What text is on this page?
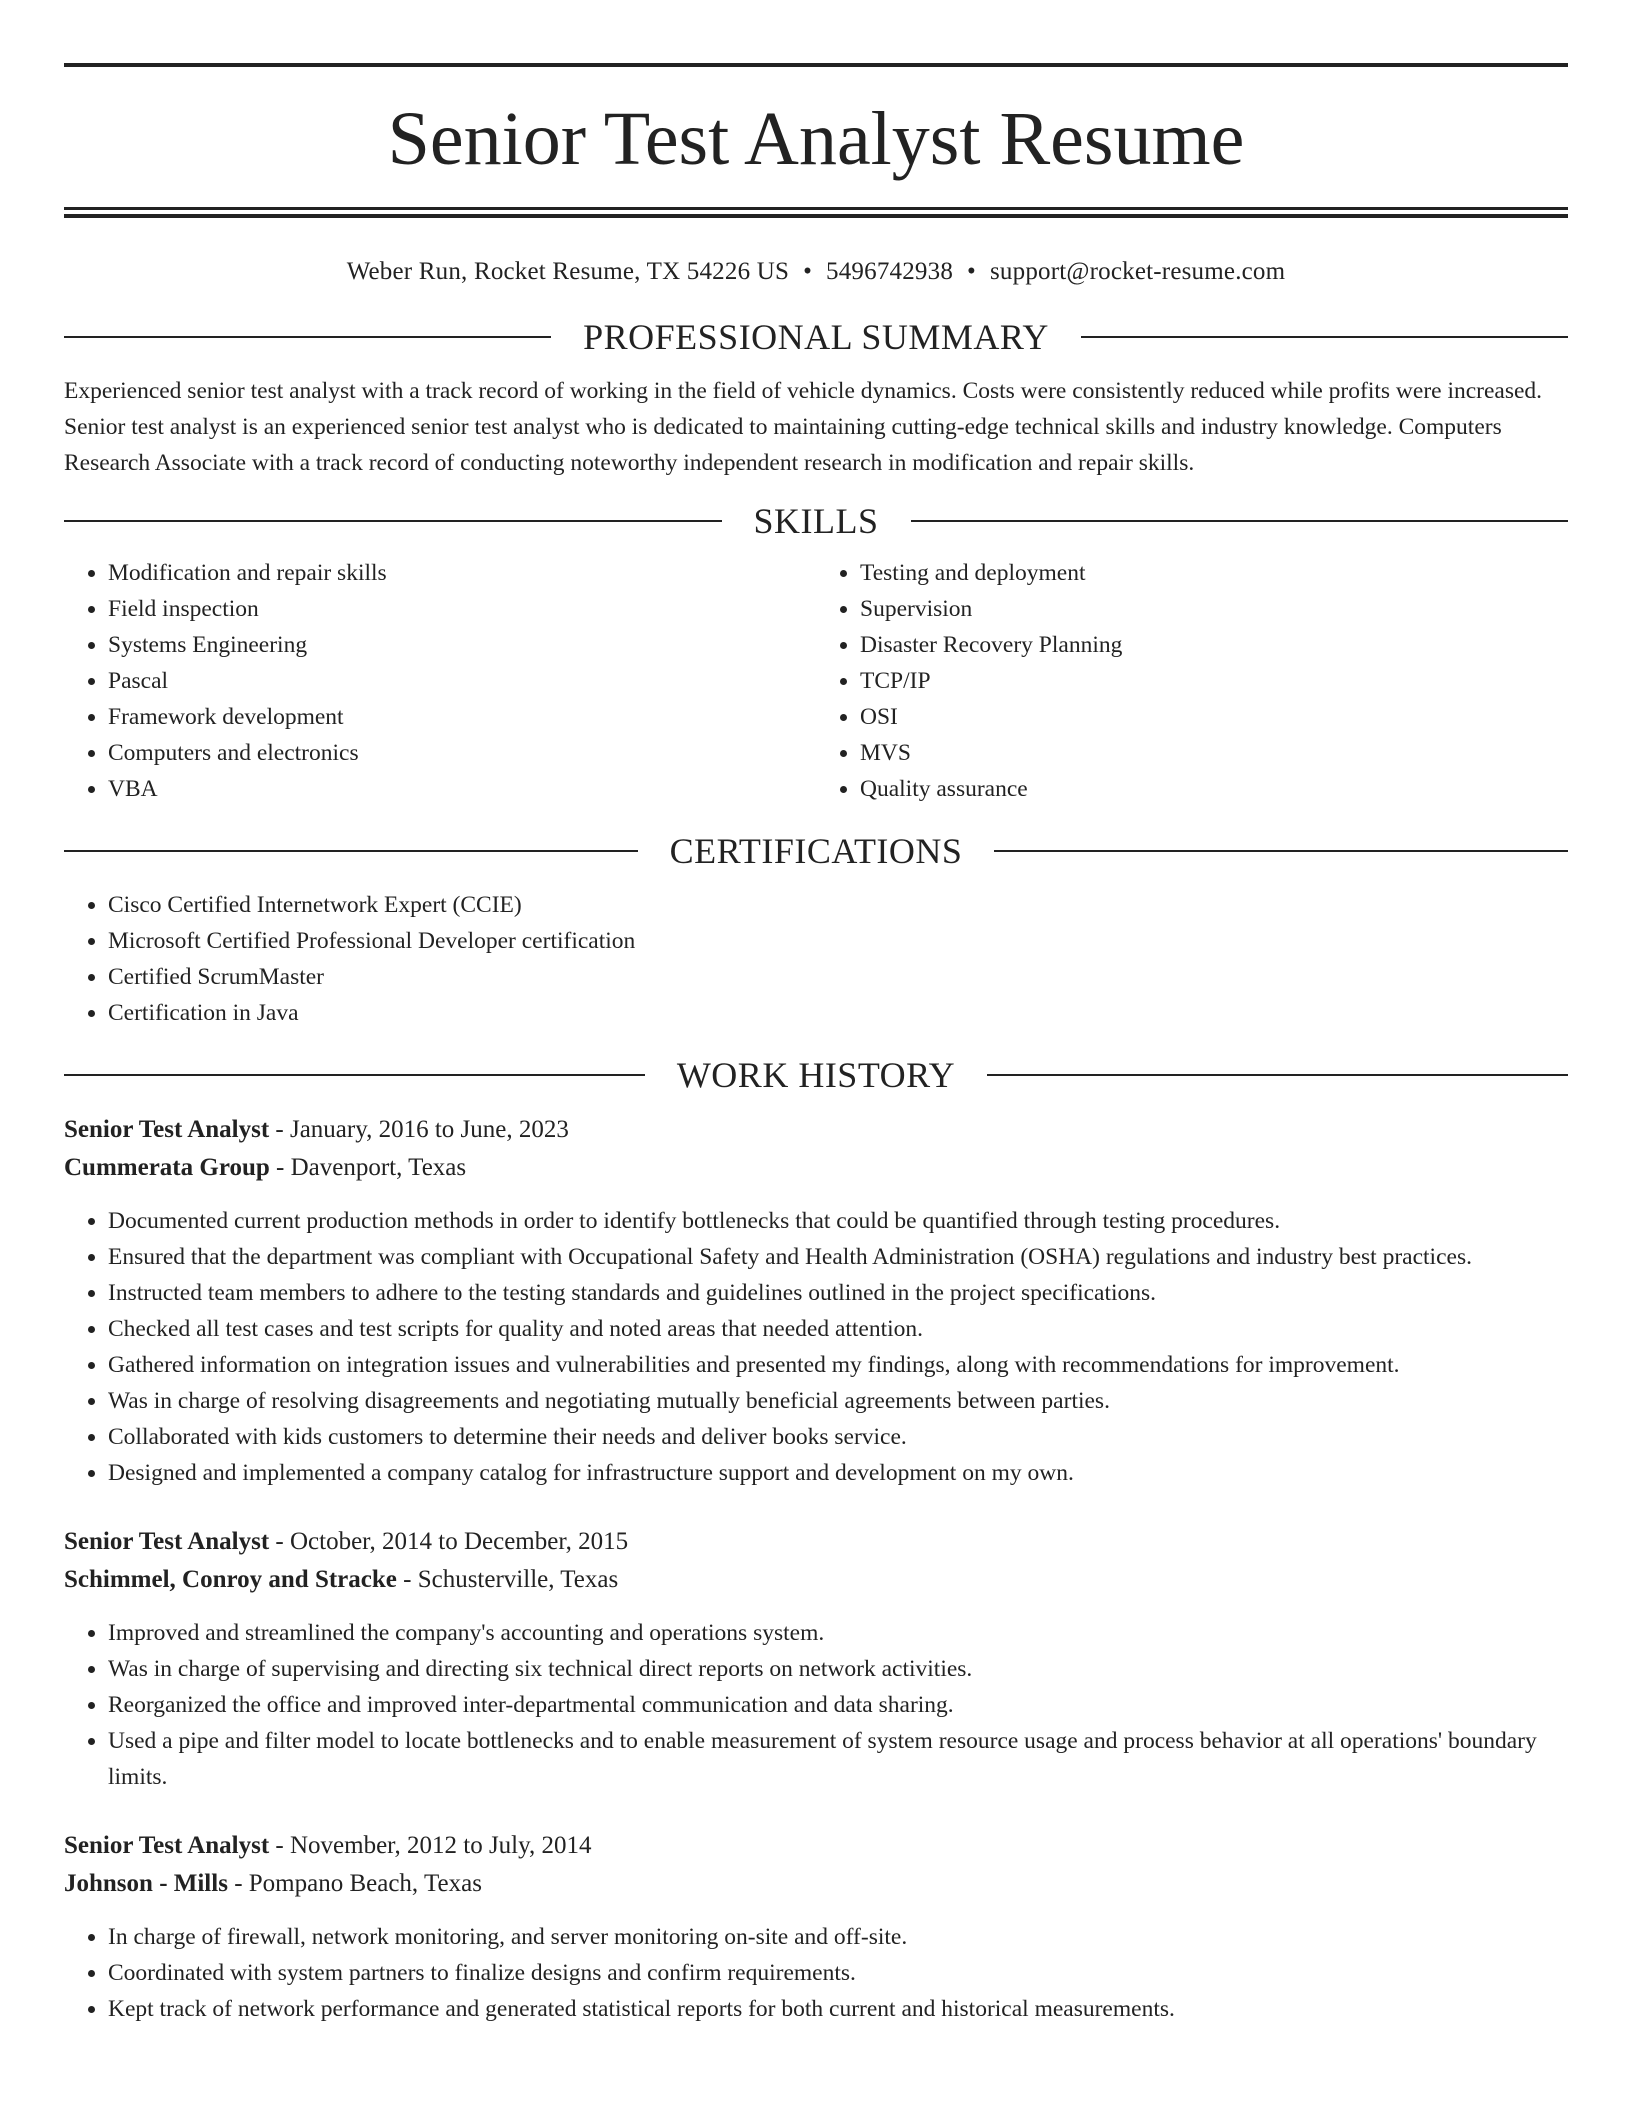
Senior Test Analyst Resume
Weber Run, Rocket Resume, TX 54226 US • 5496742938 • support@rocket-resume.com
PROFESSIONAL SUMMARY
Experienced senior test analyst with a track record of working in the field of vehicle dynamics. Costs were consistently reduced while profits were increased. Senior test analyst is an experienced senior test analyst who is dedicated to maintaining cutting-edge technical skills and industry knowledge. Computers Research Associate with a track record of conducting noteworthy independent research in modification and repair skills.
SKILLS
• Modification and repair skills
• Field inspection
• Systems Engineering
• Pascal
• Framework development
• Computers and electronics
• VBA
• Testing and deployment
• Supervision
• Disaster Recovery Planning
• TCP/IP
• OSI
• MVS
• Quality assurance
CERTIFICATIONS
• Cisco Certified Internetwork Expert (CCIE)
• Microsoft Certified Professional Developer certification
• Certified ScrumMaster
• Certification in Java
WORK HISTORY
Senior Test Analyst - January, 2016 to June, 2023
Cummerata Group - Davenport, Texas
• Documented current production methods in order to identify bottlenecks that could be quantified through testing procedures.
• Ensured that the department was compliant with Occupational Safety and Health Administration (OSHA) regulations and industry best practices.
• Instructed team members to adhere to the testing standards and guidelines outlined in the project specifications.
• Checked all test cases and test scripts for quality and noted areas that needed attention.
• Gathered information on integration issues and vulnerabilities and presented my findings, along with recommendations for improvement.
• Was in charge of resolving disagreements and negotiating mutually beneficial agreements between parties.
• Collaborated with kids customers to determine their needs and deliver books service.
• Designed and implemented a company catalog for infrastructure support and development on my own.
Senior Test Analyst - October, 2014 to December, 2015
Schimmel, Conroy and Stracke - Schusterville, Texas
• Improved and streamlined the company's accounting and operations system.
• Was in charge of supervising and directing six technical direct reports on network activities.
• Reorganized the office and improved inter-departmental communication and data sharing.
• Used a pipe and filter model to locate bottlenecks and to enable measurement of system resource usage and process behavior at all operations' boundary limits.
Senior Test Analyst - November, 2012 to July, 2014
Johnson - Mills - Pompano Beach, Texas
• In charge of firewall, network monitoring, and server monitoring on-site and off-site.
• Coordinated with system partners to finalize designs and confirm requirements.
• Kept track of network performance and generated statistical reports for both current and historical measurements.
